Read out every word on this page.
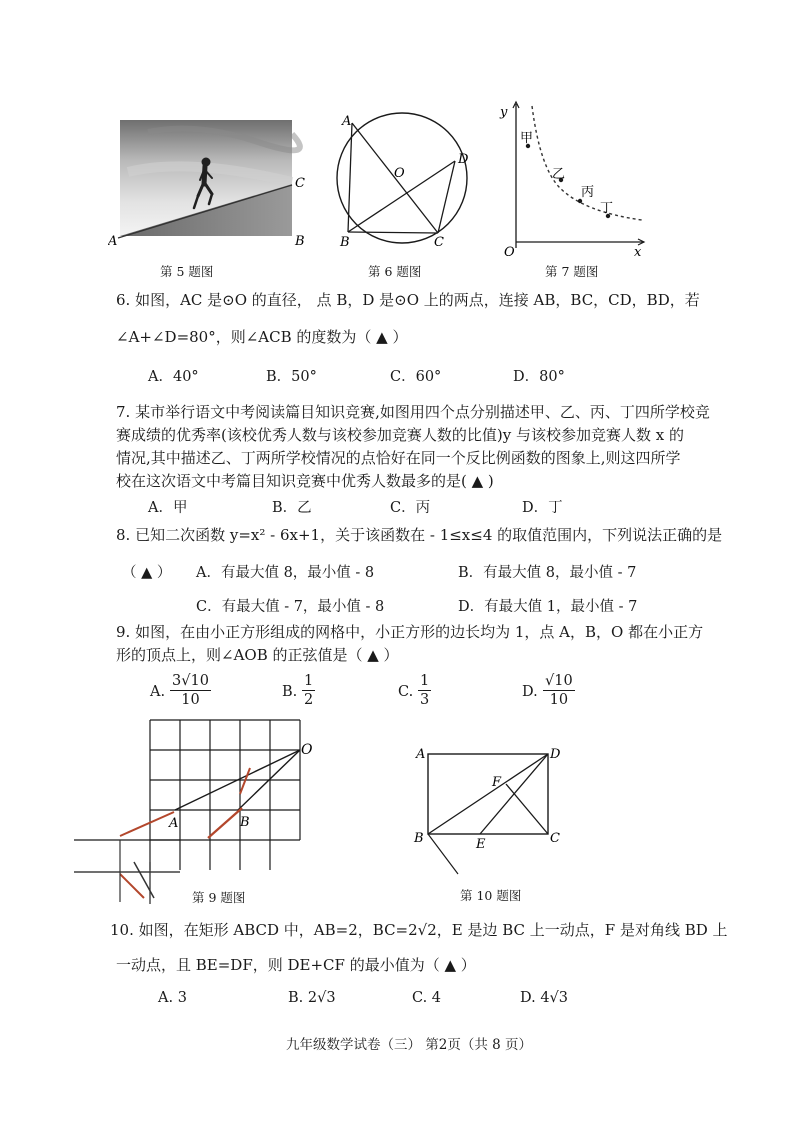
A	B
C
第 5 题图
A
B	C
D
O
第 6 题图
y
x
O
甲
乙
丙
丁
第 7 题图
6. 如图，AC 是⊙O 的直径， 点 B，D 是⊙O 上的两点，连接 AB，BC，CD，BD，若
∠A+∠D=80°，则∠ACB 的度数为（ ▲ ）
A．40°	B．50°	C．60°	D．80°
7. 某市举行语文中考阅读篇目知识竞赛,如图用四个点分别描述甲、乙、丙、丁四所学校竞
赛成绩的优秀率(该校优秀人数与该校参加竞赛人数的比值)y 与该校参加竞赛人数 x 的
情况,其中描述乙、丁两所学校情况的点恰好在同一个反比例函数的图象上,则这四所学
校在这次语文中考篇目知识竞赛中优秀人数最多的是( ▲ )
A．甲	B．乙	C．丙	D．丁
8. 已知二次函数 y=x² - 6x+1，关于该函数在 - 1≤x≤4 的取值范围内，下列说法正确的是
（ ▲ ） A．有最大值 8，最小值 - 8	B．有最大值 8，最小值 - 7
C．有最大值 - 7，最小值 - 8	D．有最大值 1，最小值 - 7
9. 如图，在由小正方形组成的网格中，小正方形的边长均为 1，点 A，B，O 都在小正方
形的顶点上，则∠AOB 的正弦值是（ ▲ ）
A. $\frac{3√10}{10}$	B. $\frac{1}{2}$	C. $\frac{1}{3}$	D. $\frac{√10}{10}$
A	B
O
第 9 题图
A	D
B	C
E
F
第 10 题图
10. 如图，在矩形 ABCD 中，AB=2，BC=2√2，E 是边 BC 上一动点，F 是对角线 BD 上
一动点，且 BE=DF，则 DE+CF 的最小值为（ ▲ ）
A. 3	B. 2√3	C. 4	D. 4√3
九年级数学试卷（三） 第2页（共 8 页）
